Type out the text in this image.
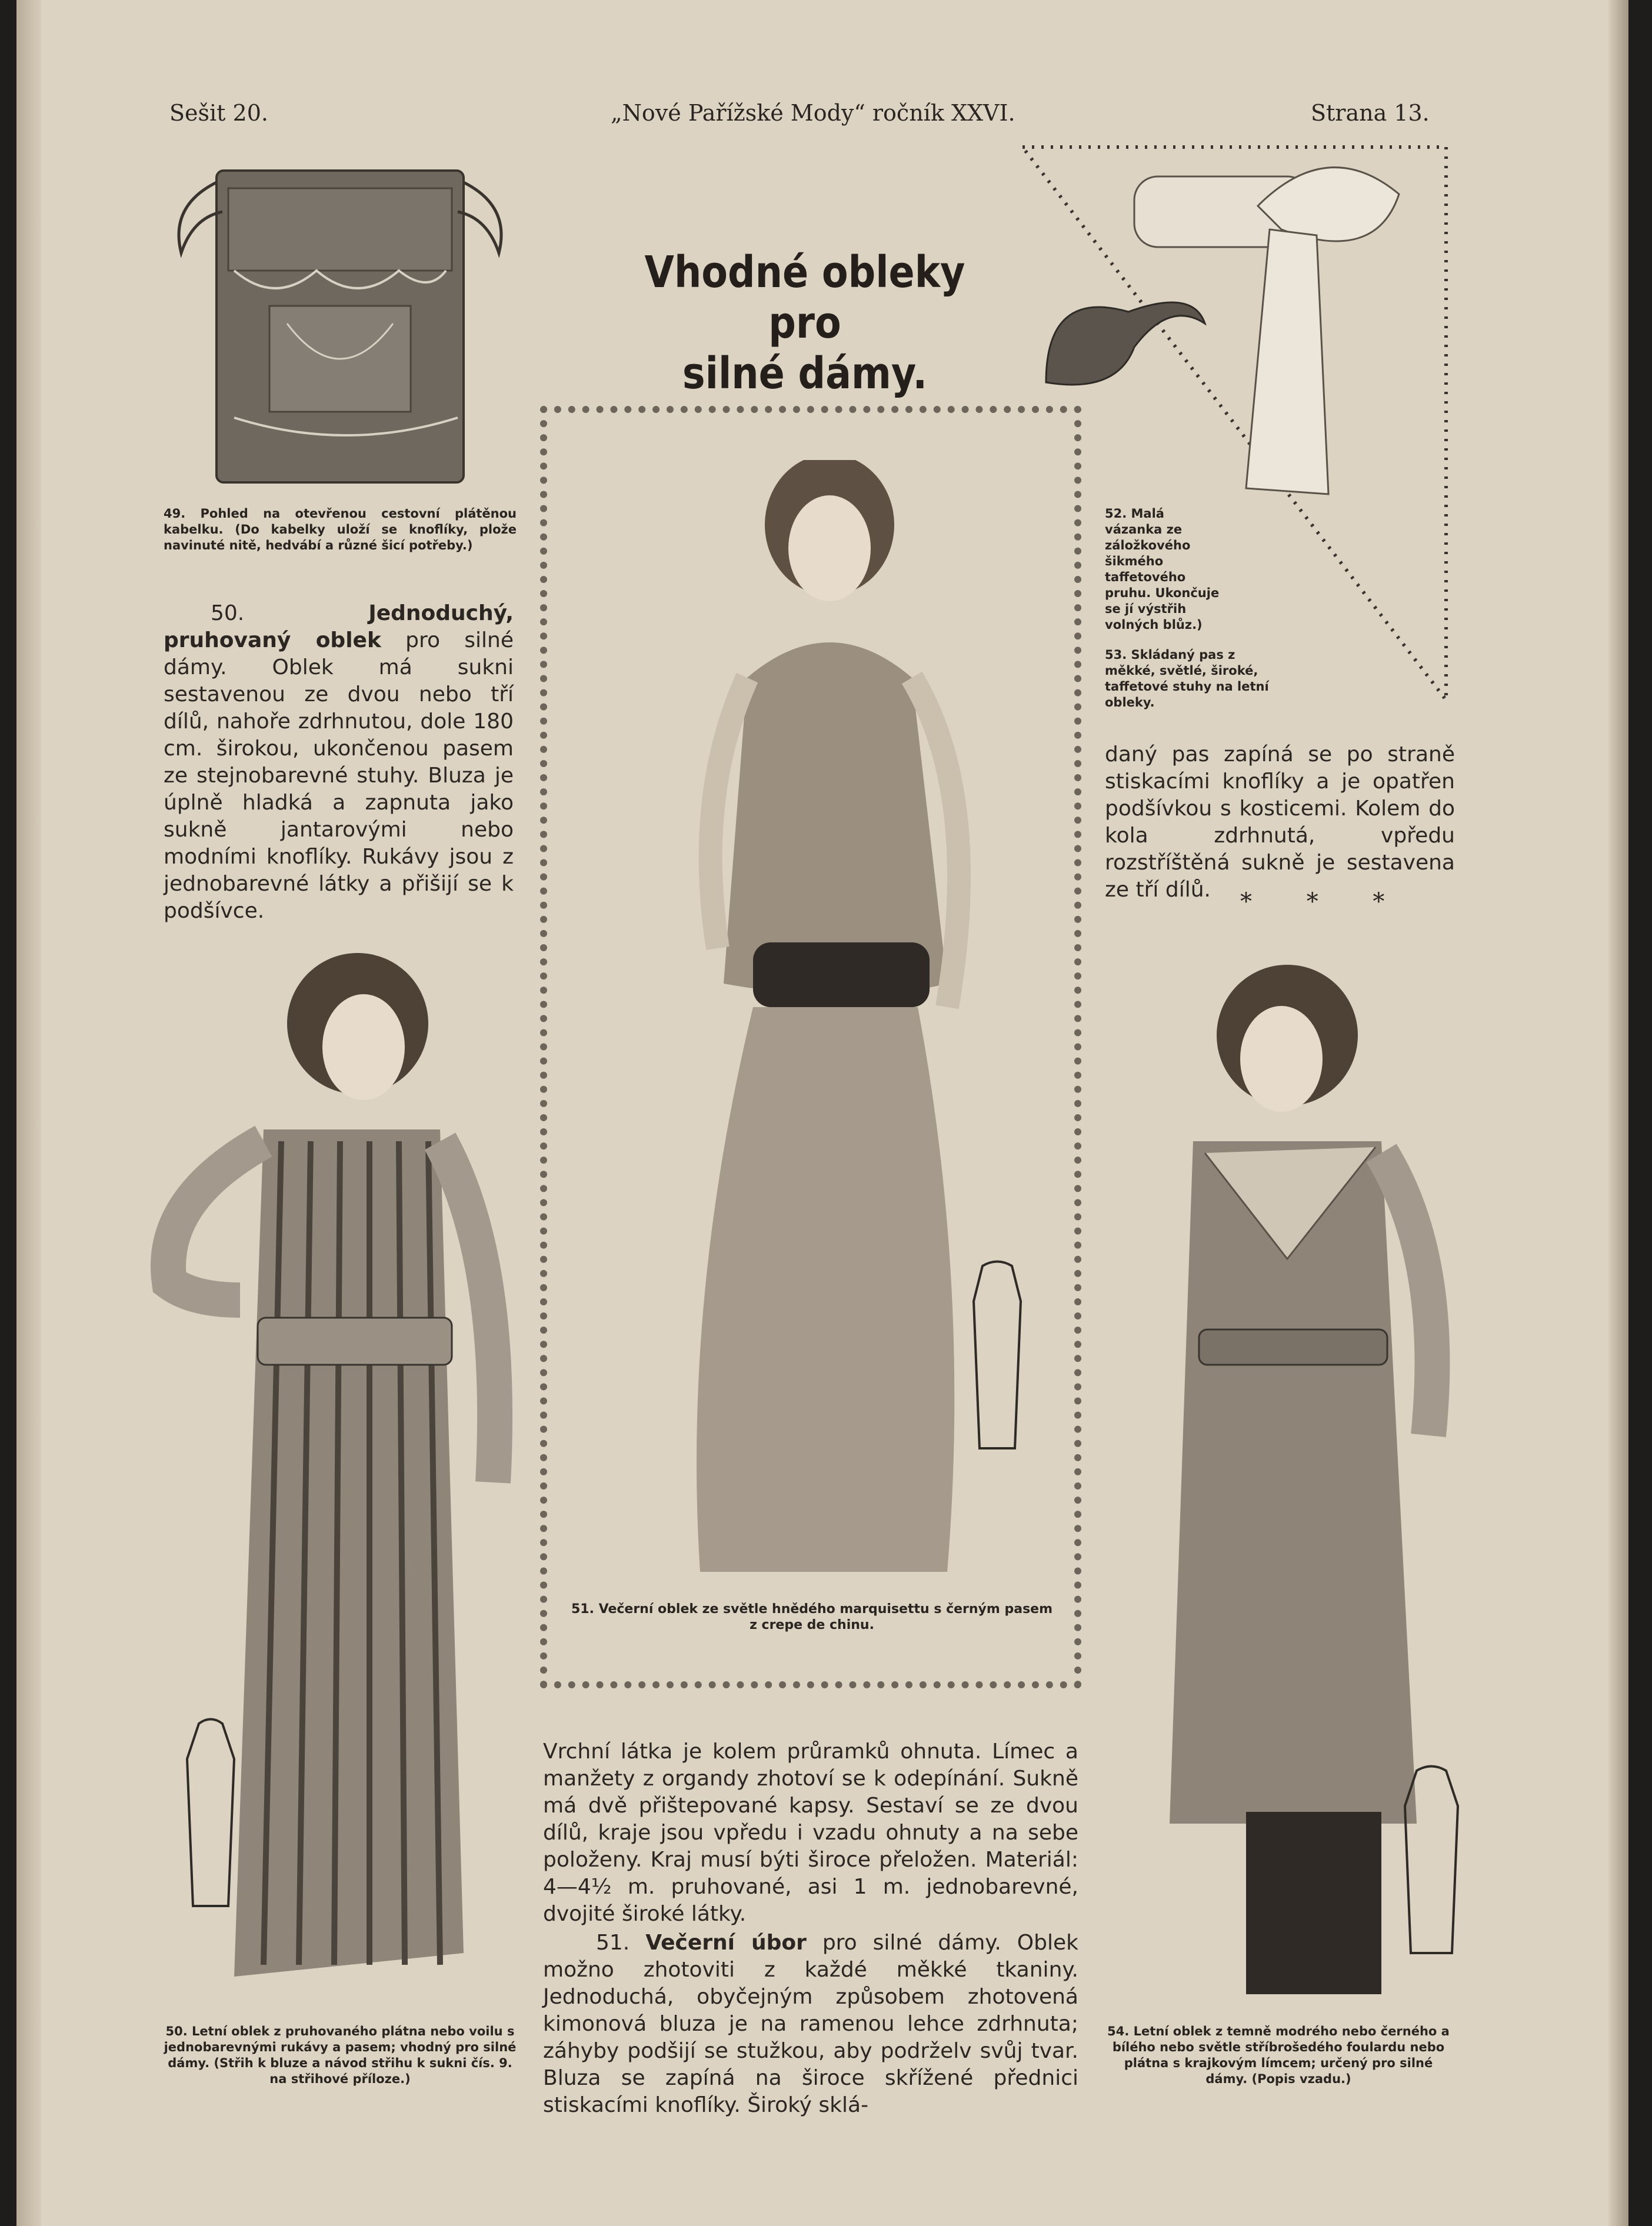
Sešit 20.	„Nové Pařížské Mody“ ročník XXVI.	Strana 13.
Vhodné obleky pro
silné dámy.
49. Pohled na otevřenou cestovní plátěnou kabelku. (Do kabelky uloží se knoflíky, plože navinuté nitě, hedvábí a různé šicí potřeby.)
50.	Jednoduchý, pruhovaný oblek pro silné dámy. Oblek má sukni sestavenou ze dvou nebo tří dílů, nahoře zdrhnutou, dole 180 cm. širokou, ukončenou pasem ze stejnobarevné stuhy. Bluza je úplně hladká a zapnuta jako sukně jantarovými nebo modními knoflíky. Rukávy jsou z jednobarevné látky a přišijí se k podšívce.
52. Malá vázanka ze záložkového šikmého taffetového pruhu. Ukončuje se jí výstřih volných blůz.)
53. Skládaný pas z měkké, světlé, široké, taffetové stuhy na letní obleky.
daný pas zapíná se po straně stiskacími knoflíky a je opatřen podšívkou s kosticemi. Kolem do kola zdrhnutá, vpředu rozstříštěná sukně je sestavena ze tří dílů.	* * *
51. Večerní oblek ze světle hnědého marquisettu s černým pasem z crepe de chinu.
50. Letní oblek z pruhovaného plátna nebo voilu s jednobarevnými rukávy a pasem; vhodný pro silné dámy. (Střih k bluze a návod střihu k sukni čís. 9. na střihové příloze.)
54. Letní oblek z temně modrého nebo černého a bílého nebo světle stříbrošedého foulardu nebo plátna s krajkovým límcem; určený pro silné dámy. (Popis vzadu.)
Vrchní látka je kolem průramků ohnuta. Límec a manžety z organdy zhotoví se k odepínání. Sukně má dvě přištepované kapsy. Sestaví se ze dvou dílů, kraje jsou vpředu i vzadu ohnuty a na sebe položeny. Kraj musí býti široce přeložen. Materiál: 4—4½ m. pruhované, asi 1 m. jednobarevné, dvojité široké látky.
51. Večerní úbor pro silné dámy. Oblek možno zhotoviti z každé měkké tkaniny. Jednoduchá, obyčejným způsobem zhotovená kimonová bluza je na ramenou lehce zdrhnuta; záhyby podšijí se stužkou, aby podrželv svůj tvar. Bluza se zapíná na široce skřížené přednici stiskacími knoflíky. Široký sklá-
